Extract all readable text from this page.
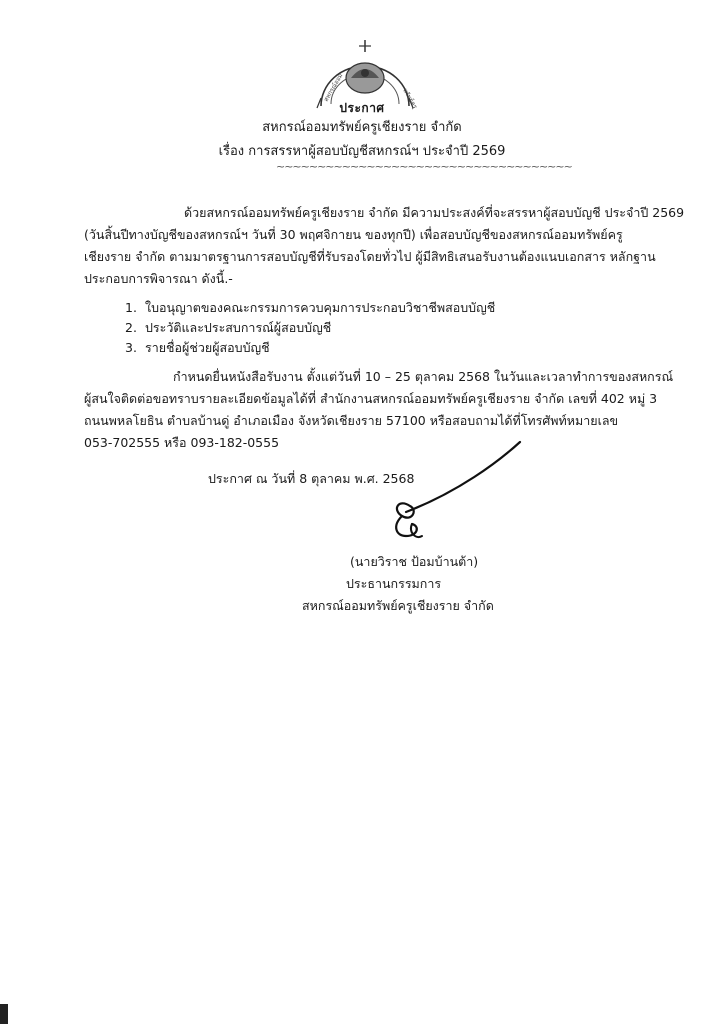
สหกรณ์ออม	ทรัพย์ครู
ประกาศ
สหกรณ์ออมทรัพย์ครูเชียงราย จำกัด
เรื่อง การสรรหาผู้สอบบัญชีสหกรณ์ฯ ประจำปี 2569
~~~~~~~~~~~~~~~~~~~~~~~~~~~~~~~~~~~~
ด้วยสหกรณ์ออมทรัพย์ครูเชียงราย จำกัด มีความประสงค์ที่จะสรรหาผู้สอบบัญชี ประจำปี 2569
(วันสิ้นปีทางบัญชีของสหกรณ์ฯ วันที่ 30 พฤศจิกายน ของทุกปี) เพื่อสอบบัญชีของสหกรณ์ออมทรัพย์ครู
เชียงราย จำกัด ตามมาตรฐานการสอบบัญชีที่รับรองโดยทั่วไป ผู้มีสิทธิเสนอรับงานต้องแนบเอกสาร หลักฐาน
ประกอบการพิจารณา ดังนี้.-
1. ใบอนุญาตของคณะกรรมการควบคุมการประกอบวิชาชีพสอบบัญชี
2. ประวัติและประสบการณ์ผู้สอบบัญชี
3. รายชื่อผู้ช่วยผู้สอบบัญชี
กำหนดยื่นหนังสือรับงาน ตั้งแต่วันที่ 10 – 25 ตุลาคม 2568 ในวันและเวลาทำการของสหกรณ์
ผู้สนใจติดต่อขอทราบรายละเอียดข้อมูลได้ที่ สำนักงานสหกรณ์ออมทรัพย์ครูเชียงราย จำกัด เลขที่ 402 หมู่ 3
ถนนพหลโยธิน ตำบลบ้านดู่ อำเภอเมือง จังหวัดเชียงราย 57100 หรือสอบถามได้ที่โทรศัพท์หมายเลข
053-702555 หรือ 093-182-0555
ประกาศ ณ วันที่ 8 ตุลาคม พ.ศ. 2568
(นายวิราช ป้อมบ้านต้า)
ประธานกรรมการ
สหกรณ์ออมทรัพย์ครูเชียงราย จำกัด
